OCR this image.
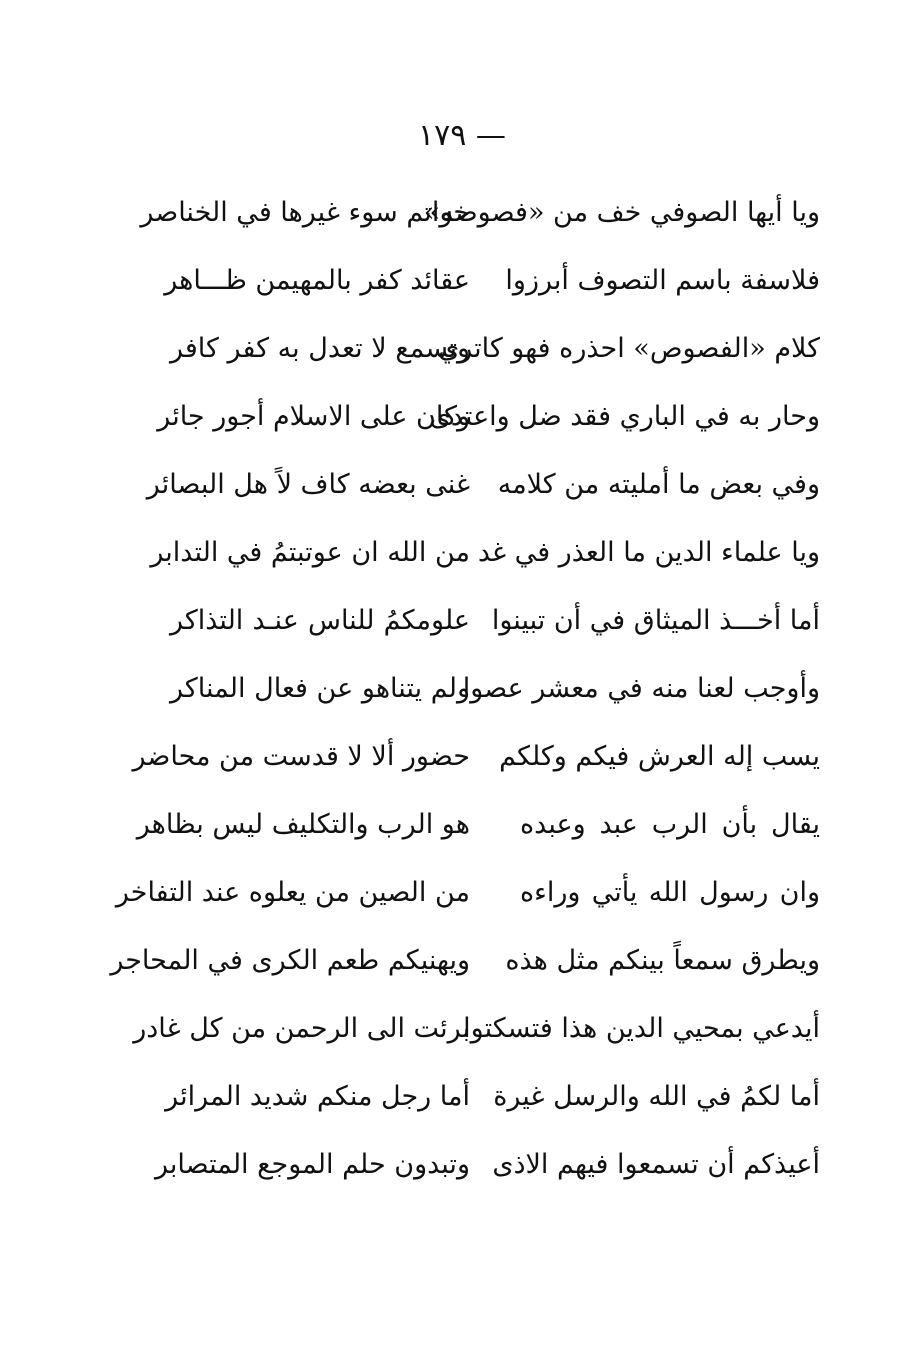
— ١٧٩
ويا أيها الصوفي خف من «فصوصه»
خواتم سوء غيرها في الخناصر
فلاسفة باسم التصوف أبرزوا
عقائد كفر بالمهيمن ظـــاهر
كلام «الفصوص» احذره فهو كاتري
وتسمع لا تعدل به كفر كافر
وحار به في الباري فقد ضل واعتدى
وكان على الاسلام أجور جائر
وفي بعض ما أمليته من كلامه
غنى بعضه كاف لاً هل البصائر
ويا علماء الدين ما العذر في غد
من الله ان عوتبتمُ في التدابر
أما أخـــذ الميثاق في أن تبينوا
علومكمُ للناس عنـد التذاكر
وأوجب لعنا منه في معشر عصوا
ولم يتناهو عن فعال المناكر
يسب إله العرش فيكم وكلكم
حضور ألا لا قدست من محاضر
يقال بأن الرب عبد وعبده
هو الرب والتكليف ليس بظاهر
وان رسول الله يأتي وراءه
من الصين من يعلوه عند التفاخر
ويطرق سمعاً بينكم مثل هذه
ويهنيكم طعم الكرى في المحاجر
أيدعي بمحيي الدين هذا فتسكتوا
برئت الى الرحمن من كل غادر
أما لكمُ في الله والرسل غيرة
أما رجل منكم شديد المرائر
أعيذكم أن تسمعوا فيهم الاذى
وتبدون حلم الموجع المتصابر
